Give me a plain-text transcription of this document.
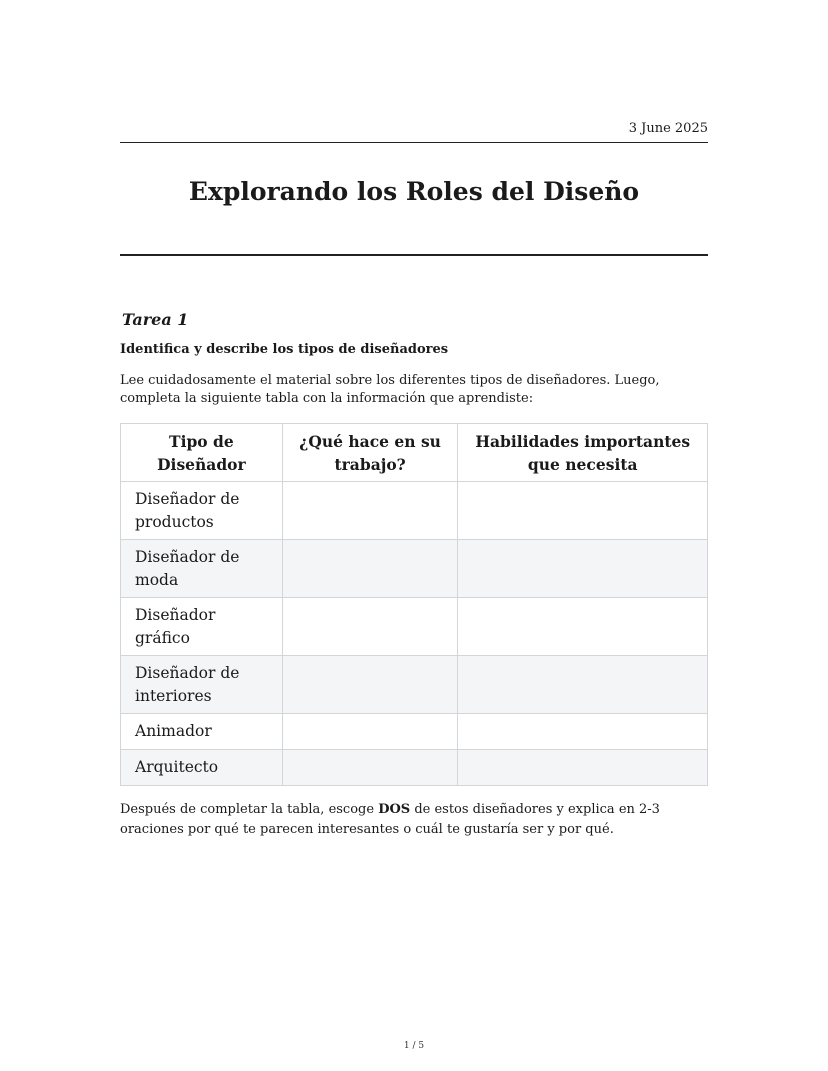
3 June 2025
Explorando los Roles del Diseño
Tarea 1
Identifica y describe los tipos de diseñadores

Lee cuidadosamente el material sobre los diferentes tipos de diseñadores. Luego, completa la siguiente tabla con la información que aprendiste:

Tipo de Diseñador	¿Qué hace en su trabajo?	Habilidades importantes que necesita
Diseñador de productos		
Diseñador de moda		
Diseñador gráfico		
Diseñador de interiores		
Animador		
Arquitecto		

Después de completar la tabla, escoge DOS de estos diseñadores y explica en 2-3 oraciones por qué te parecen interesantes o cuál te gustaría ser y por qué.

1 / 5
